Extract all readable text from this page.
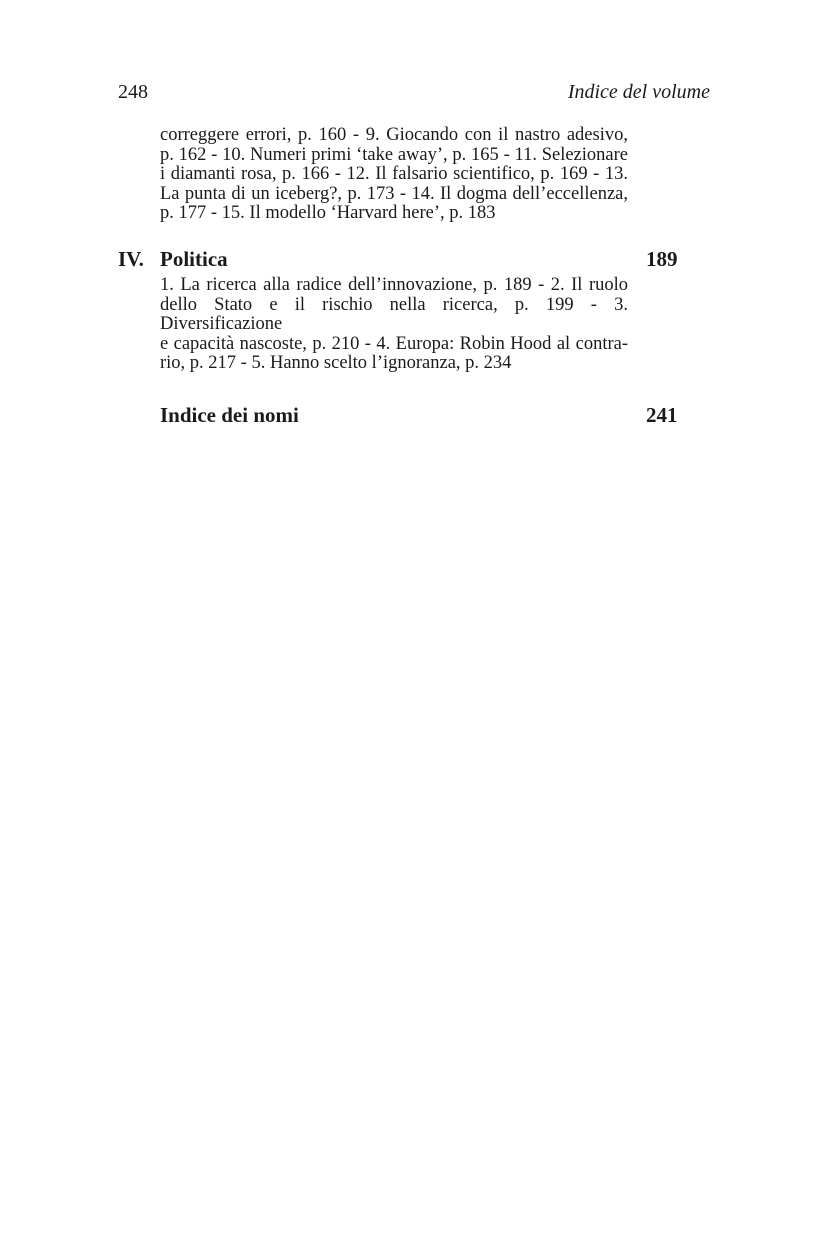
248	Indice del volume
correggere errori, p. 160 - 9. Giocando con il nastro adesivo,
p. 162 - 10. Numeri primi ‘take away’, p. 165 - 11. Selezionare
i diamanti rosa, p. 166 - 12. Il falsario scientifico, p. 169 - 13.
La punta di un iceberg?, p. 173 - 14. Il dogma dell’eccellenza,
p. 177 - 15. Il modello ‘Harvard here’, p. 183
IV. Politica	189
1. La ricerca alla radice dell’innovazione, p. 189 - 2. Il ruolo
dello Stato e il rischio nella ricerca, p. 199 - 3. Diversificazione
e capacità nascoste, p. 210 - 4. Europa: Robin Hood al contra-
rio, p. 217 - 5. Hanno scelto l’ignoranza, p. 234
Indice dei nomi	241
